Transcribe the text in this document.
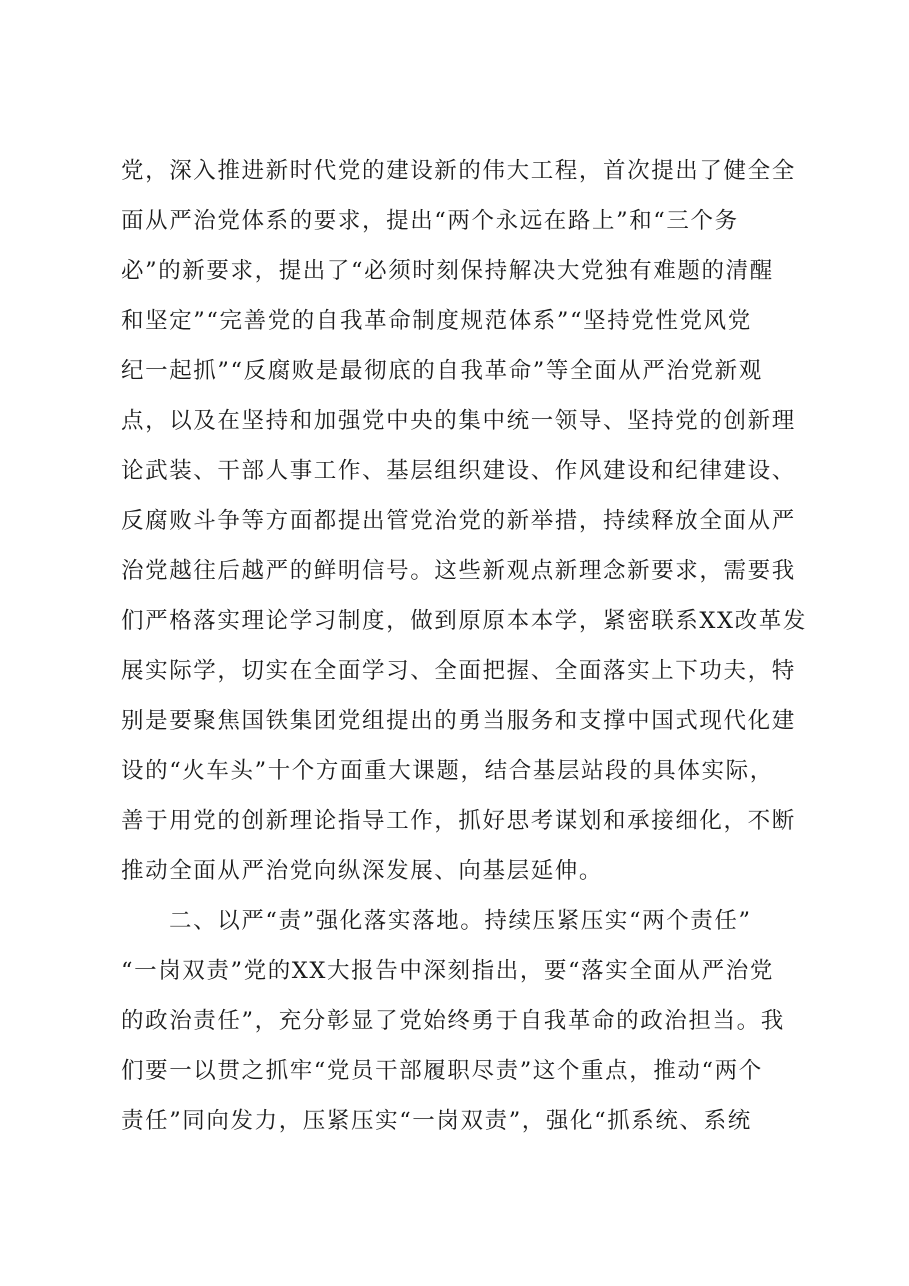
党，深入推进新时代党的建设新的伟大工程，首次提出了健全全
面从严治党体系的要求，提出“两个永远在路上”和“三个务
必”的新要求，提出了“必须时刻保持解决大党独有难题的清醒
和坚定”“完善党的自我革命制度规范体系”“坚持党性党风党
纪一起抓”“反腐败是最彻底的自我革命”等全面从严治党新观
点，以及在坚持和加强党中央的集中统一领导、坚持党的创新理
论武装、干部人事工作、基层组织建设、作风建设和纪律建设、
反腐败斗争等方面都提出管党治党的新举措，持续释放全面从严
治党越往后越严的鲜明信号。这些新观点新理念新要求，需要我
们严格落实理论学习制度，做到原原本本学，紧密联系XX改革发
展实际学，切实在全面学习、全面把握、全面落实上下功夫，特
别是要聚焦国铁集团党组提出的勇当服务和支撑中国式现代化建
设的“火车头”十个方面重大课题，结合基层站段的具体实际，
善于用党的创新理论指导工作，抓好思考谋划和承接细化，不断
推动全面从严治党向纵深发展、向基层延伸。
二、以严“责”强化落实落地。持续压紧压实“两个责任”
“一岗双责”党的XX大报告中深刻指出，要“落实全面从严治党
的政治责任”，充分彰显了党始终勇于自我革命的政治担当。我
们要一以贯之抓牢“党员干部履职尽责”这个重点，推动“两个
责任”同向发力，压紧压实“一岗双责”，强化“抓系统、系统
